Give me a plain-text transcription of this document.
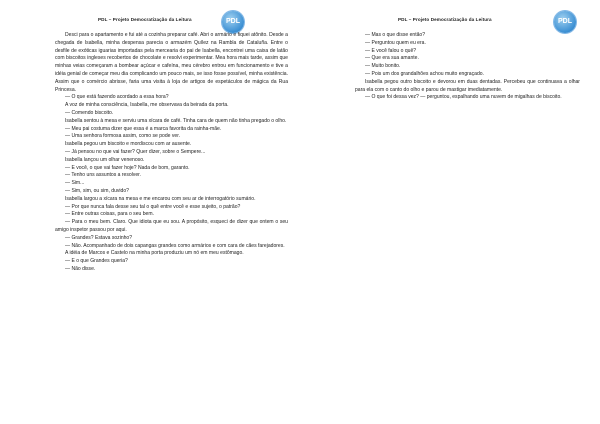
PDL – Projeto Democratização da Leitura	PDL

Desci para o apartamento e fui até a cozinha preparar café. Abri o armário e fiquei atônito. Desde a chegada de Isabella, minha despensa parecia o armazém Quílez na Rambla de Cataluña. Entre o desfile de exóticas iguarias importadas pela mercearia do pai de Isabella, encontrei uma caixa de latão com biscoitos ingleses recobertos de chocolate e resolvi experimentar. Mea hora mais tarde, assim que minhas veias começaram a bombear açúcar e cafeína, meu cérebro entrou em funcionamento e tive a idéia genial de começar meu dia complicando um pouco mais, se isso fosse possível, minha existência. Assim que o comércio abrisse, faria uma visita à loja de artigos de espetáculos de mágica da Rua Princesa.

— O que está fazendo acordado a essa hora?

A voz de minha consciência, Isabella, me observava da beirada da porta.

— Comendo biscoito.

Isabella sentou à mesa e serviu uma xícara de café. Tinha cara de quem não tinha pregado o olho.

— Meu pai costuma dizer que essa é a marca favorita da rainha-mãe.

— Uma senhora formosa assim, como se pode ver.

Isabella pegou um biscoito e mordiscou com ar ausente.

— Já pensou no que vai fazer? Quer dizer, sobre o Sempere...

Isabella lançou um olhar venenoso.

— E você, o que vai fazer hoje? Nada de bom, garanto.

— Tenho uns assuntos a resolver.

— Sim...

— Sim, sim, ou sim, duvido?

Isabella largou a xícara na mesa e me encarou com seu ar de interrogatório sumário.

— Por que nunca fala desse seu tal o quê entre você e esse sujeito, o patrão?

— Entre outras coisas, para o seu bem.

— Para o meu bem. Claro. Que idiota que eu sou. A propósito, esqueci de dizer que ontem o seu amigo inspetor passou por aqui.

— Grandes? Estava sozinho?

— Não. Acompanhado de dois capangas grandes como armários e com cara de cães farejadores.

A idéia de Marcos e Castelo na minha porta produziu um nó em meu estômago.

— E o que Grandes queria?

— Não disse.

PDL – Projeto Democratização da Leitura	PDL

— Mas o que disse então?

— Perguntou quem eu era.

— E você falou o quê?

— Que era sua amante.

— Muito bonito.

— Pois um dos grandalhões achou muito engraçado.

Isabella pegou outro biscoito e devorou em duas dentadas. Percebeu que continuava a olhar para ela com o canto do olho e parou de mastigar imediatamente.

— O que foi dessa vez? — perguntou, espalhando uma nuvem de migalhas de biscoito.
